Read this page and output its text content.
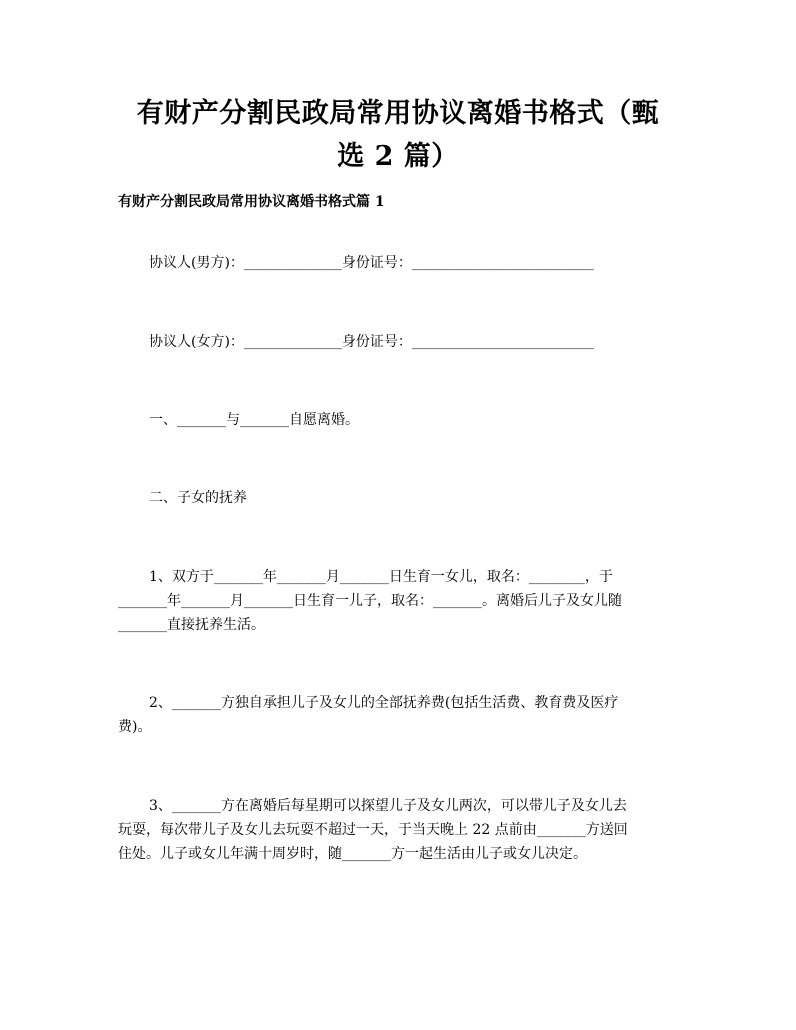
有财产分割民政局常用协议离婚书格式（甄
选 2 篇）
有财产分割民政局常用协议离婚书格式篇 1
协议人(男方)：______________身份证号：__________________________
协议人(女方)：______________身份证号：__________________________
一、_______与_______自愿离婚。
二、子女的抚养
1、双方于_______年_______月_______日生育一女儿，取名：________，于
_______年_______月_______日生育一儿子，取名：_______。离婚后儿子及女儿随
_______直接抚养生活。
2、_______方独自承担儿子及女儿的全部抚养费(包括生活费、教育费及医疗
费)。
3、_______方在离婚后每星期可以探望儿子及女儿两次，可以带儿子及女儿去
玩耍，每次带儿子及女儿去玩耍不超过一天，于当天晚上 22 点前由_______方送回
住处。儿子或女儿年满十周岁时，随_______方一起生活由儿子或女儿决定。
